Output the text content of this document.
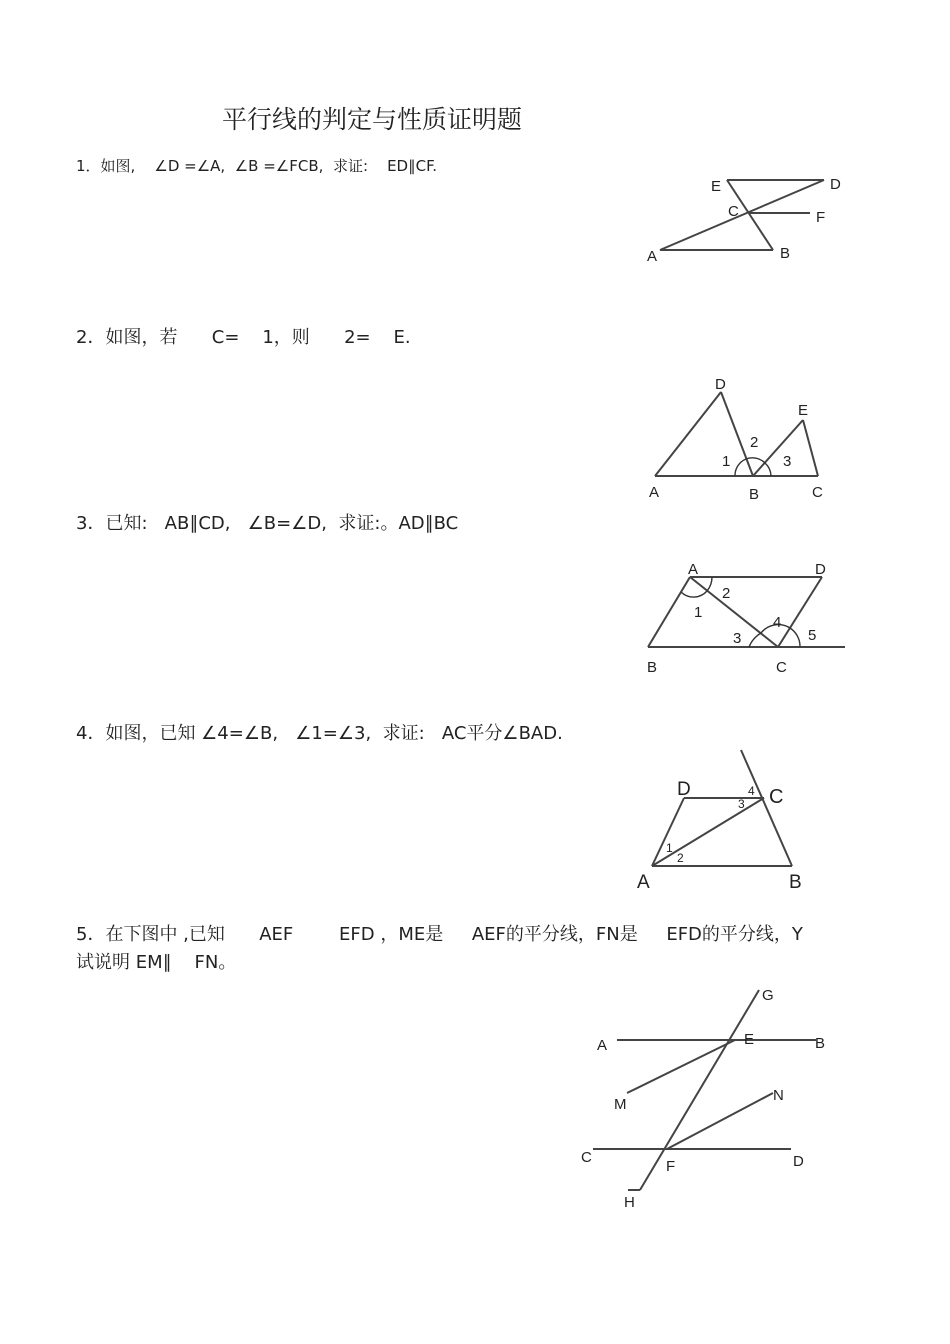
平行线的判定与性质证明题
1．如图,    ∠D =∠A,  ∠B =∠FCB,  求证:    ED∥CF.
2．如图，若      C=    1，则      2=    E.
3．已知:   AB∥CD,   ∠B=∠D,  求证:。AD∥BC
4．如图，已知 ∠4=∠B,   ∠1=∠3,  求证:   AC平分∠BAD.
5．在下图中 ,已知      AEF        EFD ，ME是     AEF的平分线，FN是     EFD的平分线，Y
试说明 EM∥    FN。
E	D
C	F
A	B
D
E
A	B	C
1
2
3
A	D
B	C
1
2
3
4
5
D	C
A	B
1
2
3
4
G
A	E	B
M
N
C
F	D
H
